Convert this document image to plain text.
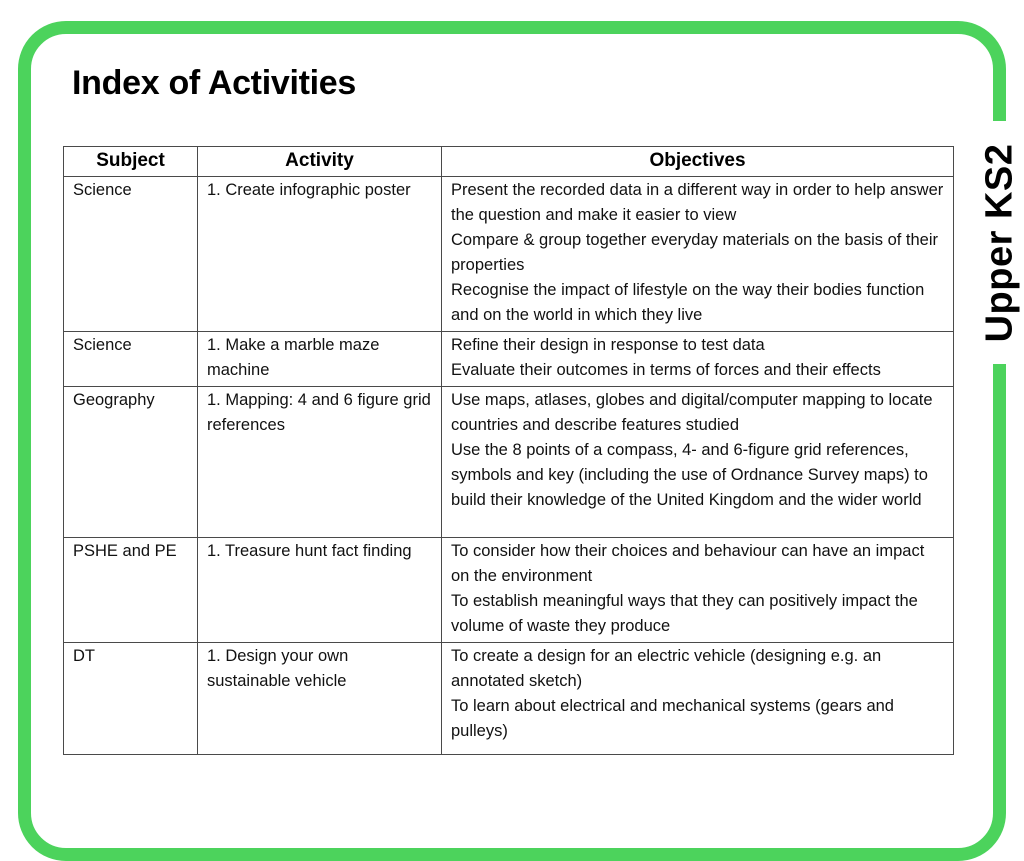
Upper KS2
Index of Activities
Subject	Activity	Objectives
Science	1. Create infographic poster	Present the recorded data in a different way in order to help answer the question and make it easier to view
Compare & group together everyday materials on the basis of their properties
Recognise the impact of lifestyle on the way their bodies function and on the world in which they live

Science	1. Make a marble maze machine	Refine their design in response to test data
Evaluate their outcomes in terms of forces and their effects

Geography	1. Mapping: 4 and 6 figure grid references	Use maps, atlases, globes and digital/computer mapping to locate countries and describe features studied
Use the 8 points of a compass, 4- and 6-figure grid references, symbols and key (including the use of Ordnance Survey maps) to build their knowledge of the United Kingdom and the wider world

PSHE and PE	1. Treasure hunt fact finding	To consider how their choices and behaviour can have an impact on the environment
To establish meaningful ways that they can positively impact the volume of waste they produce

DT	1. Design your own sustainable vehicle	To create a design for an electric vehicle (designing e.g. an annotated sketch)
To learn about electrical and mechanical systems (gears and pulleys)
